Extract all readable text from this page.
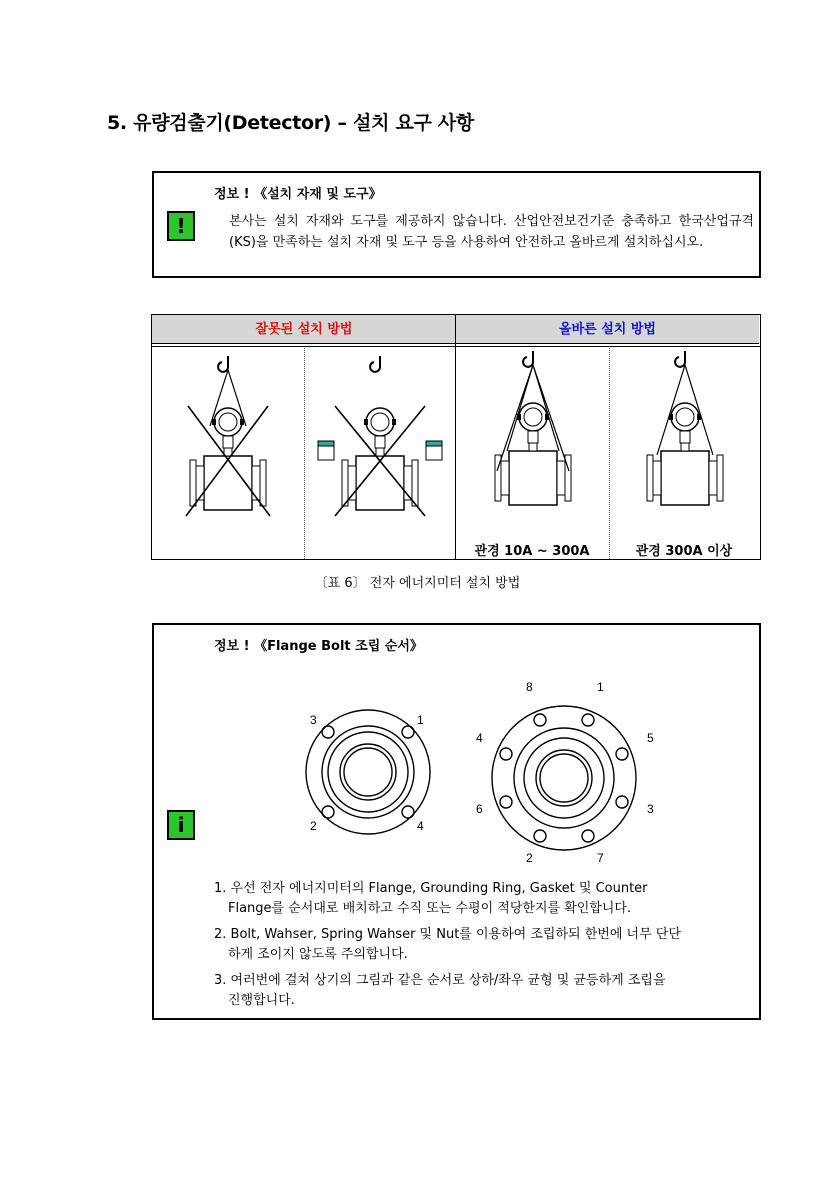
5. 유량검출기(Detector) – 설치 요구 사항
!
정보 ! 《설치 자재 및 도구》
본사는 설치 자재와 도구를 제공하지 않습니다. 산업안전보건기준 충족하고 한국산업규격(KS)을 만족하는 설치 자재 및 도구 등을 사용하여 안전하고 올바르게 설치하십시오.
잘못된 설치 방법	올바른 설치 방법
관경 10A ~ 300A	관경 300A 이상
〔표 6〕 전자 에너지미터 설치 방법
정보 ! 《Flange Bolt 조립 순서》
i
3	1
2	4
8	1
4	5
6	3
2	7
1. 우선 전자 에너지미터의 Flange, Grounding Ring, Gasket 및 Counter
Flange를 순서대로 배치하고 수직 또는 수평이 적당한지를 확인합니다.
2. Bolt, Wahser, Spring Wahser 및 Nut를 이용하여 조립하되 한번에 너무 단단
하게 조이지 않도록 주의합니다.
3. 여러번에 걸쳐 상기의 그림과 같은 순서로 상하/좌우 균형 및 균등하게 조립을
진행합니다.
